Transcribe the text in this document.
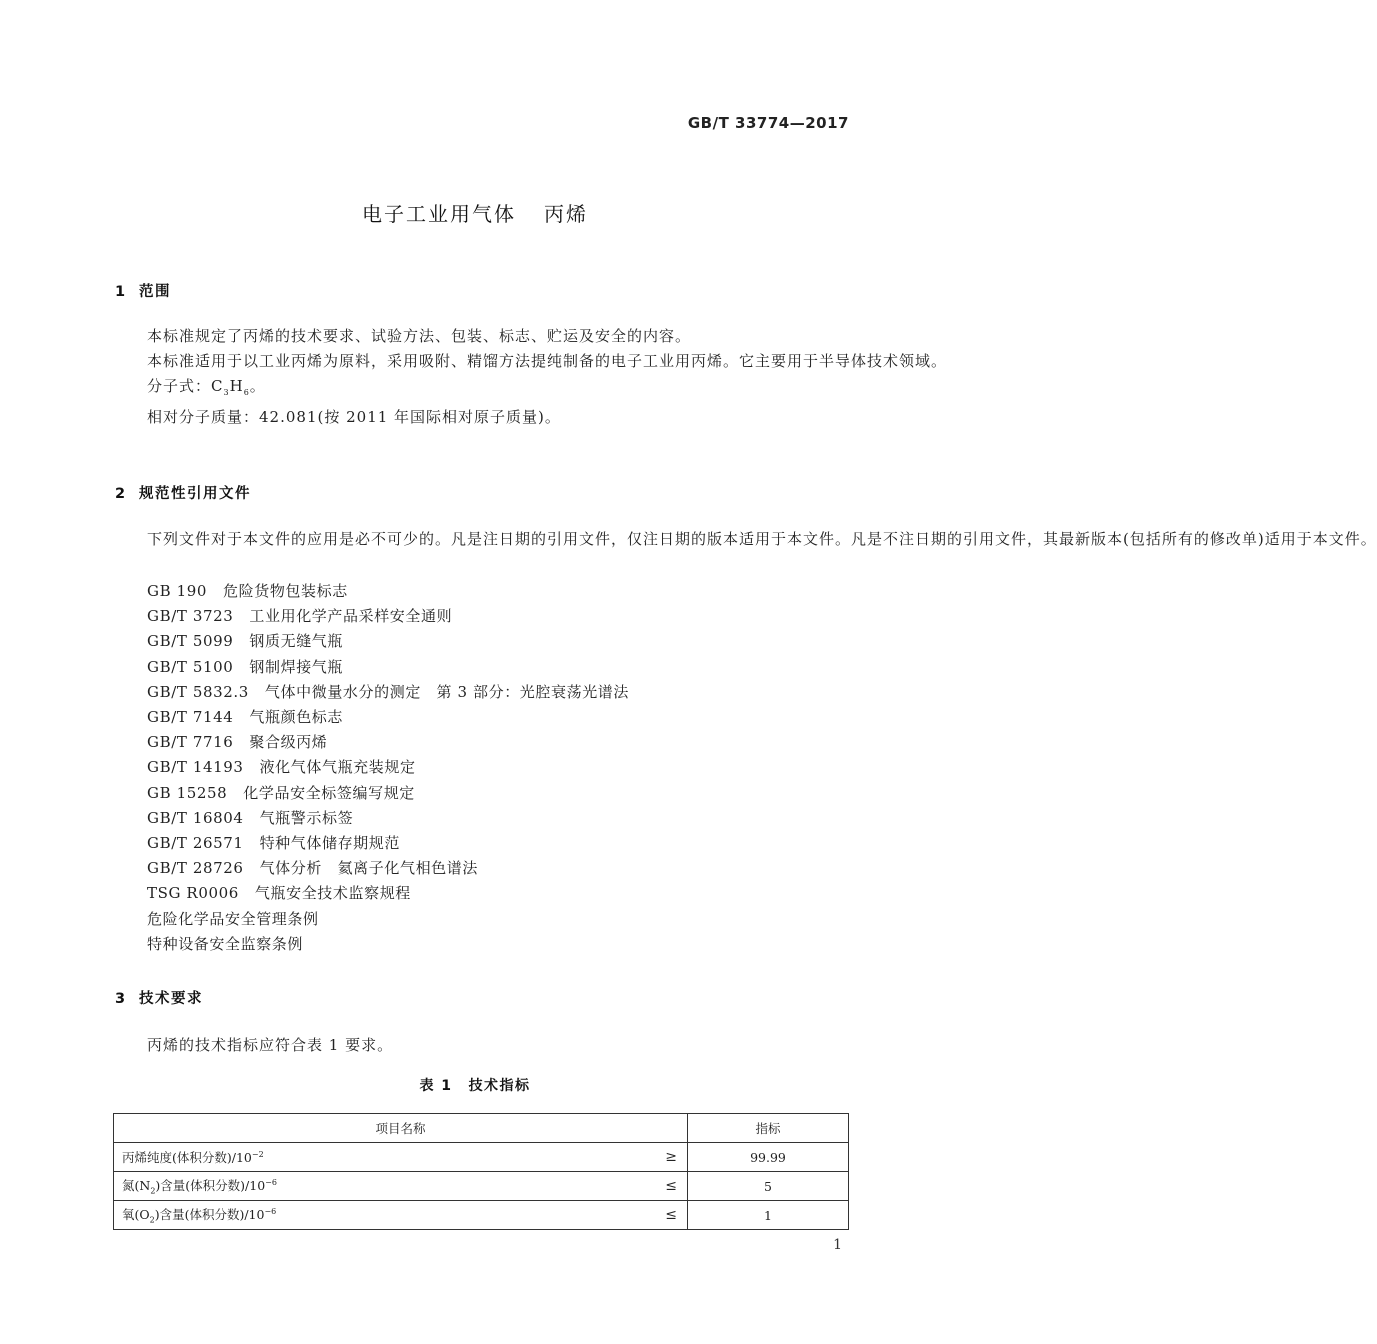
GB/T 33774—2017
电子工业用气体 丙烯
1 范围

本标准规定了丙烯的技术要求、试验方法、包装、标志、贮运及安全的内容。

本标准适用于以工业丙烯为原料，采用吸附、精馏方法提纯制备的电子工业用丙烯。它主要用于半导体技术领域。

分子式：$C_3H_6$。

相对分子质量：42.081(按 2011 年国际相对原子质量)。

2 规范性引用文件

下列文件对于本文件的应用是必不可少的。凡是注日期的引用文件，仅注日期的版本适用于本文件。凡是不注日期的引用文件，其最新版本(包括所有的修改单)适用于本文件。

GB 190 危险货物包装标志
GB/T 3723 工业用化学产品采样安全通则
GB/T 5099 钢质无缝气瓶
GB/T 5100 钢制焊接气瓶
GB/T 5832.3 气体中微量水分的测定　第 3 部分：光腔衰荡光谱法
GB/T 7144 气瓶颜色标志
GB/T 7716 聚合级丙烯
GB/T 14193 液化气体气瓶充装规定
GB 15258 化学品安全标签编写规定
GB/T 16804 气瓶警示标签
GB/T 26571 特种气体储存期规范
GB/T 28726 气体分析　氦离子化气相色谱法
TSG R0006 气瓶安全技术监察规程
危险化学品安全管理条例
特种设备安全监察条例
3 技术要求

丙烯的技术指标应符合表 1 要求。

表 1 技术指标
项目名称	指标
丙烯纯度(体积分数)$/10^{-2}$ ≥	99.99
氮$(N_2)$含量(体积分数)$/10^{-6}$ ≤	5
氧$(O_2)$含量(体积分数)$/10^{-6}$ ≤	1
1
